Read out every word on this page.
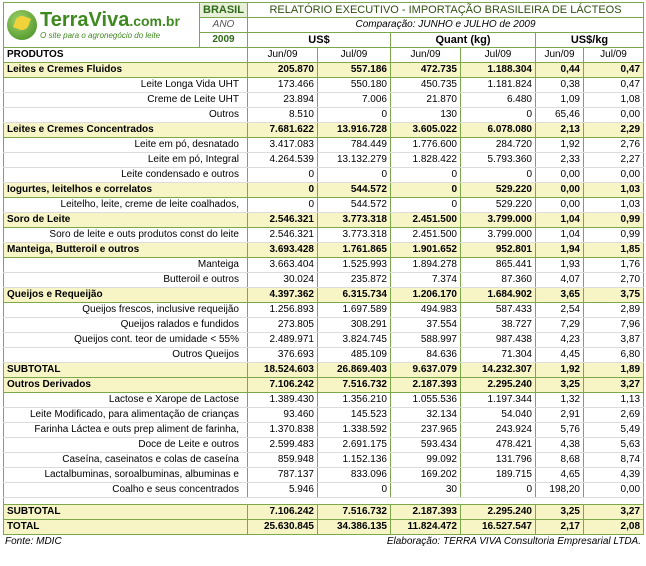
TerraViva.com.br
O site para o agronegócio do leite	BRASIL	RELATÓRIO EXECUTIVO - IMPORTAÇÃO BRASILEIRA DE LÁCTEOS					
	ANO	Comparação: JUNHO e JULHO de 2009					
	2009	US$		Quant (kg)		US$/kg	
PRODUTOS		Jun/09	Jul/09	Jun/09	Jul/09	Jun/09	Jul/09
Leites e Cremes Fluidos		205.870	557.186	472.735	1.188.304	0,44	0,47
Leite Longa Vida UHT		173.466	550.180	450.735	1.181.824	0,38	0,47
Creme de Leite UHT		23.894	7.006	21.870	6.480	1,09	1,08
Outros		8.510	0	130	0	65,46	0,00
Leites e Cremes Concentrados		7.681.622	13.916.728	3.605.022	6.078.080	2,13	2,29
Leite em pó, desnatado		3.417.083	784.449	1.776.600	284.720	1,92	2,76
Leite em pó, Integral		4.264.539	13.132.279	1.828.422	5.793.360	2,33	2,27
Leite condensado e outros		0	0	0	0	0,00	0,00
Iogurtes, leitelhos e correlatos		0	544.572	0	529.220	0,00	1,03
Leitelho, leite, creme de leite coalhados,		0	544.572	0	529.220	0,00	1,03
Soro de Leite		2.546.321	3.773.318	2.451.500	3.799.000	1,04	0,99
Soro de leite e outs produtos const do leite		2.546.321	3.773.318	2.451.500	3.799.000	1,04	0,99
Manteiga, Butteroil e outros		3.693.428	1.761.865	1.901.652	952.801	1,94	1,85
Manteiga		3.663.404	1.525.993	1.894.278	865.441	1,93	1,76
Butteroil e outros		30.024	235.872	7.374	87.360	4,07	2,70
Queijos e Requeijão		4.397.362	6.315.734	1.206.170	1.684.902	3,65	3,75
Queijos frescos, inclusive requeijão		1.256.893	1.697.589	494.983	587.433	2,54	2,89
Queijos ralados e fundidos		273.805	308.291	37.554	38.727	7,29	7,96
Queijos cont. teor de umidade < 55%		2.489.971	3.824.745	588.997	987.438	4,23	3,87
Outros Queijos		376.693	485.109	84.636	71.304	4,45	6,80
SUBTOTAL		18.524.603	26.869.403	9.637.079	14.232.307	1,92	1,89
Outros Derivados		7.106.242	7.516.732	2.187.393	2.295.240	3,25	3,27
Lactose e Xarope de Lactose		1.389.430	1.356.210	1.055.536	1.197.344	1,32	1,13
Leite Modificado, para alimentação de crianças		93.460	145.523	32.134	54.040	2,91	2,69
Farinha Láctea e outs prep aliment de farinha,		1.370.838	1.338.592	237.965	243.924	5,76	5,49
Doce de Leite e outros		2.599.483	2.691.175	593.434	478.421	4,38	5,63
Caseína, caseinatos e colas de caseína		859.948	1.152.136	99.092	131.796	8,68	8,74
Lactalbuminas, soroalbuminas, albuminas e		787.137	833.096	169.202	189.715	4,65	4,39
Coalho e seus concentrados		5.946	0	30	0	198,20	0,00

SUBTOTAL		7.106.242	7.516.732	2.187.393	2.295.240	3,25	3,27
TOTAL		25.630.845	34.386.135	11.824.472	16.527.547	2,17	2,08
Fonte: MDIC	Elaboração: TERRA VIVA Consultoria Empresarial LTDA.
